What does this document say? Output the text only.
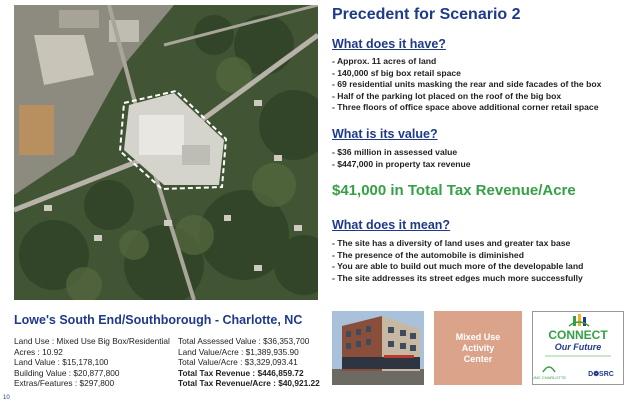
Precedent for Scenario 2
What does it have?
- Approx. 11 acres of land
- 140,000 sf big box retail space
- 69 residential units masking the rear and side facades of the box
- Half of the parking lot placed on the roof of the big box
- Three floors of office space above additional corner retail space
What is its value?
- $36 million in assessed value
- $447,000 in property tax revenue

$41,000 in Total Tax Revenue/Acre

What does it mean?
- The site has a diversity of land uses and greater tax base
- The presence of the automobile is diminished
- You are able to build out much more of the developable land
- The site addresses its street edges much more successfully
Lowe's South End/Southborough - Charlotte, NC
Land Use : Mixed Use Big Box/Residential
Acres : 10.92
Land Value : $15,178,100
Building Value : $20,877,800
Extras/Features : $297,800
Total Assessed Value : $36,353,700
Land Value/Acre : $1,389,935.90
Total Value/Acre : $3,329,093.41
Total Tax Revenue : $446,859.72
Total Tax Revenue/Acre : $40,921.22
Mixed Use
Activity
Center
CONNECT
Our Future
UNC CHARLOTTE	D❁SRC
10
